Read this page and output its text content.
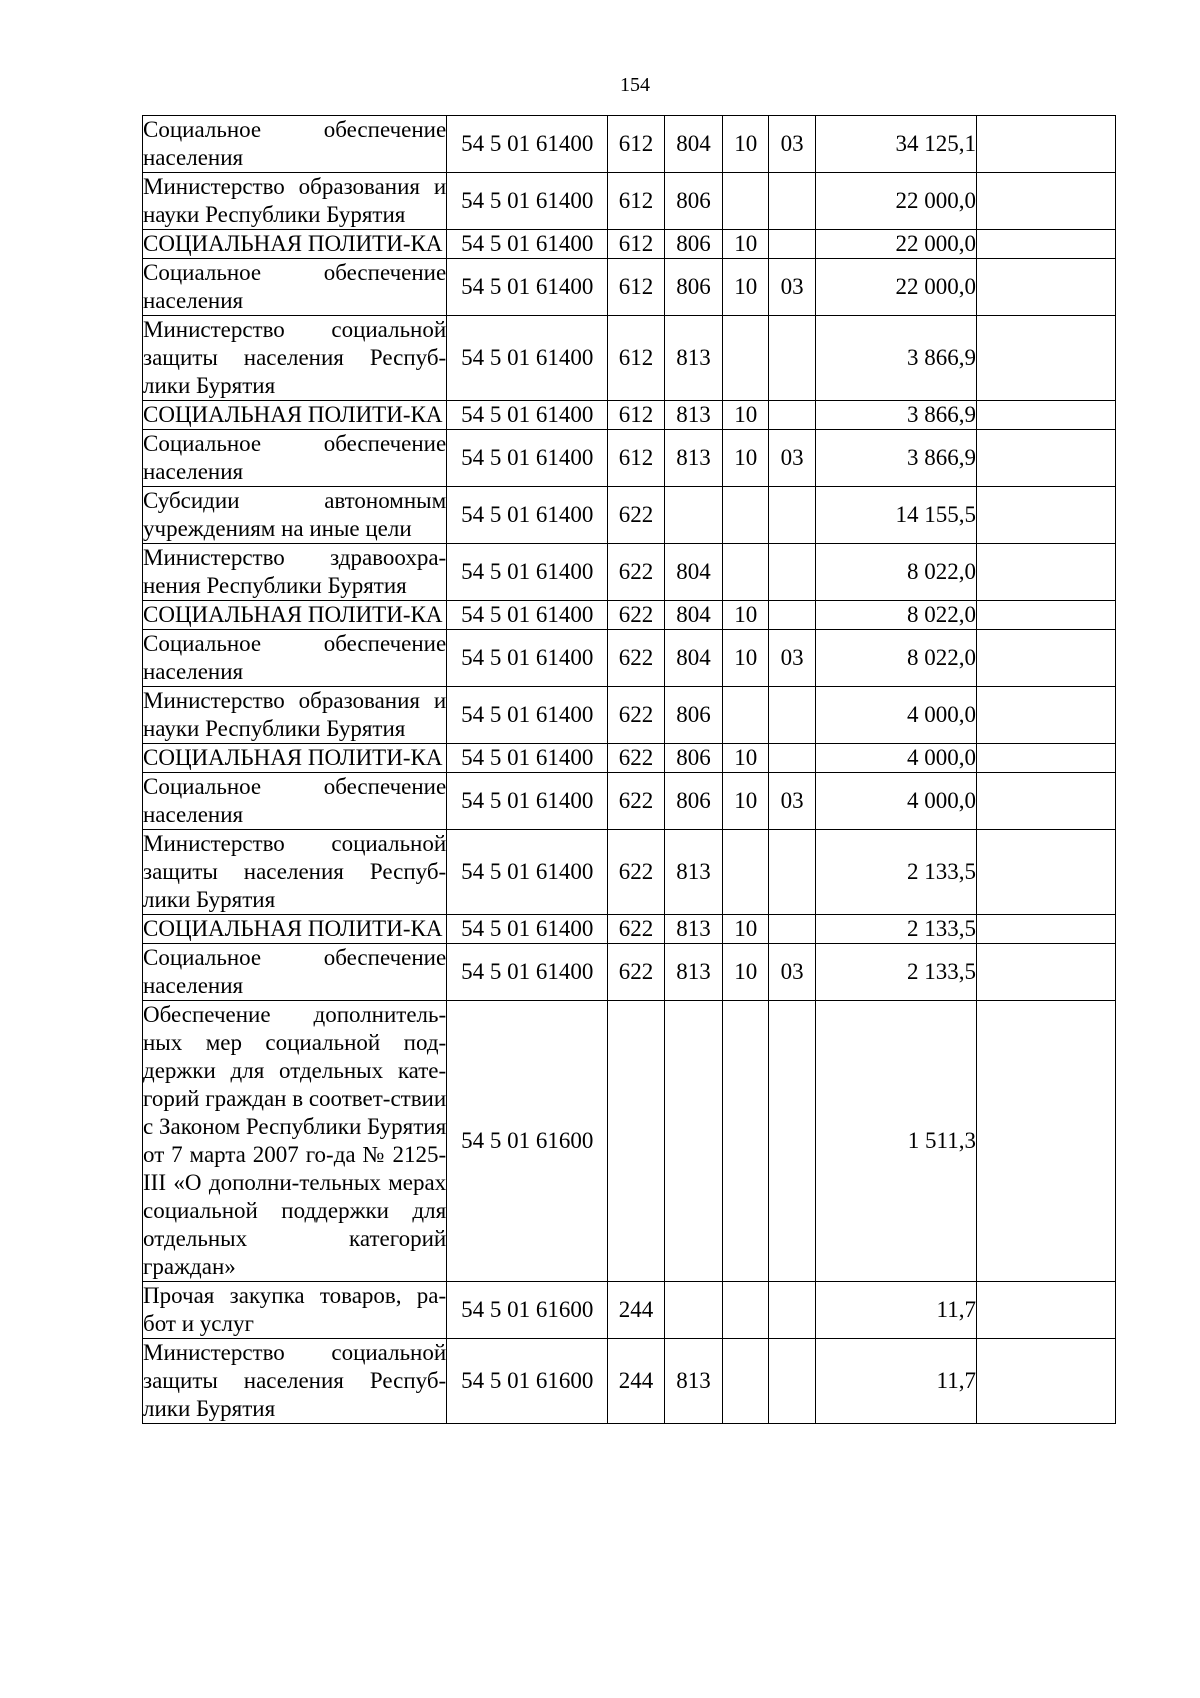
154
Социальное обеспечение населения	54 5 01 61400	612	804	10	03	34 125,1	
Министерство образования и науки Республики Бурятия	54 5 01 61400	612	806			22 000,0	
СОЦИАЛЬНАЯ ПОЛИТИ-КА	54 5 01 61400	612	806	10		22 000,0	
Социальное обеспечение населения	54 5 01 61400	612	806	10	03	22 000,0	
Министерство социальной защиты населения Респуб-лики Бурятия	54 5 01 61400	612	813			3 866,9	
СОЦИАЛЬНАЯ ПОЛИТИ-КА	54 5 01 61400	612	813	10		3 866,9	
Социальное обеспечение населения	54 5 01 61400	612	813	10	03	3 866,9	
Субсидии автономным учреждениям на иные цели	54 5 01 61400	622				14 155,5	
Министерство здравоохра-нения Республики Бурятия	54 5 01 61400	622	804			8 022,0	
СОЦИАЛЬНАЯ ПОЛИТИ-КА	54 5 01 61400	622	804	10		8 022,0	
Социальное обеспечение населения	54 5 01 61400	622	804	10	03	8 022,0	
Министерство образования и науки Республики Бурятия	54 5 01 61400	622	806			4 000,0	
СОЦИАЛЬНАЯ ПОЛИТИ-КА	54 5 01 61400	622	806	10		4 000,0	
Социальное обеспечение населения	54 5 01 61400	622	806	10	03	4 000,0	
Министерство социальной защиты населения Респуб-лики Бурятия	54 5 01 61400	622	813			2 133,5	
СОЦИАЛЬНАЯ ПОЛИТИ-КА	54 5 01 61400	622	813	10		2 133,5	
Социальное обеспечение населения	54 5 01 61400	622	813	10	03	2 133,5	
Обеспечение дополнитель-ных мер социальной под-держки для отдельных кате-горий граждан в соответ-ствии с Законом Республики Бурятия от 7 марта 2007 го-да № 2125-III «О дополни-тельных мерах социальной поддержки для отдельных категорий граждан»	54 5 01 61600					1 511,3	
Прочая закупка товаров, ра-бот и услуг	54 5 01 61600	244				11,7	
Министерство социальной защиты населения Респуб-лики Бурятия	54 5 01 61600	244	813			11,7	
